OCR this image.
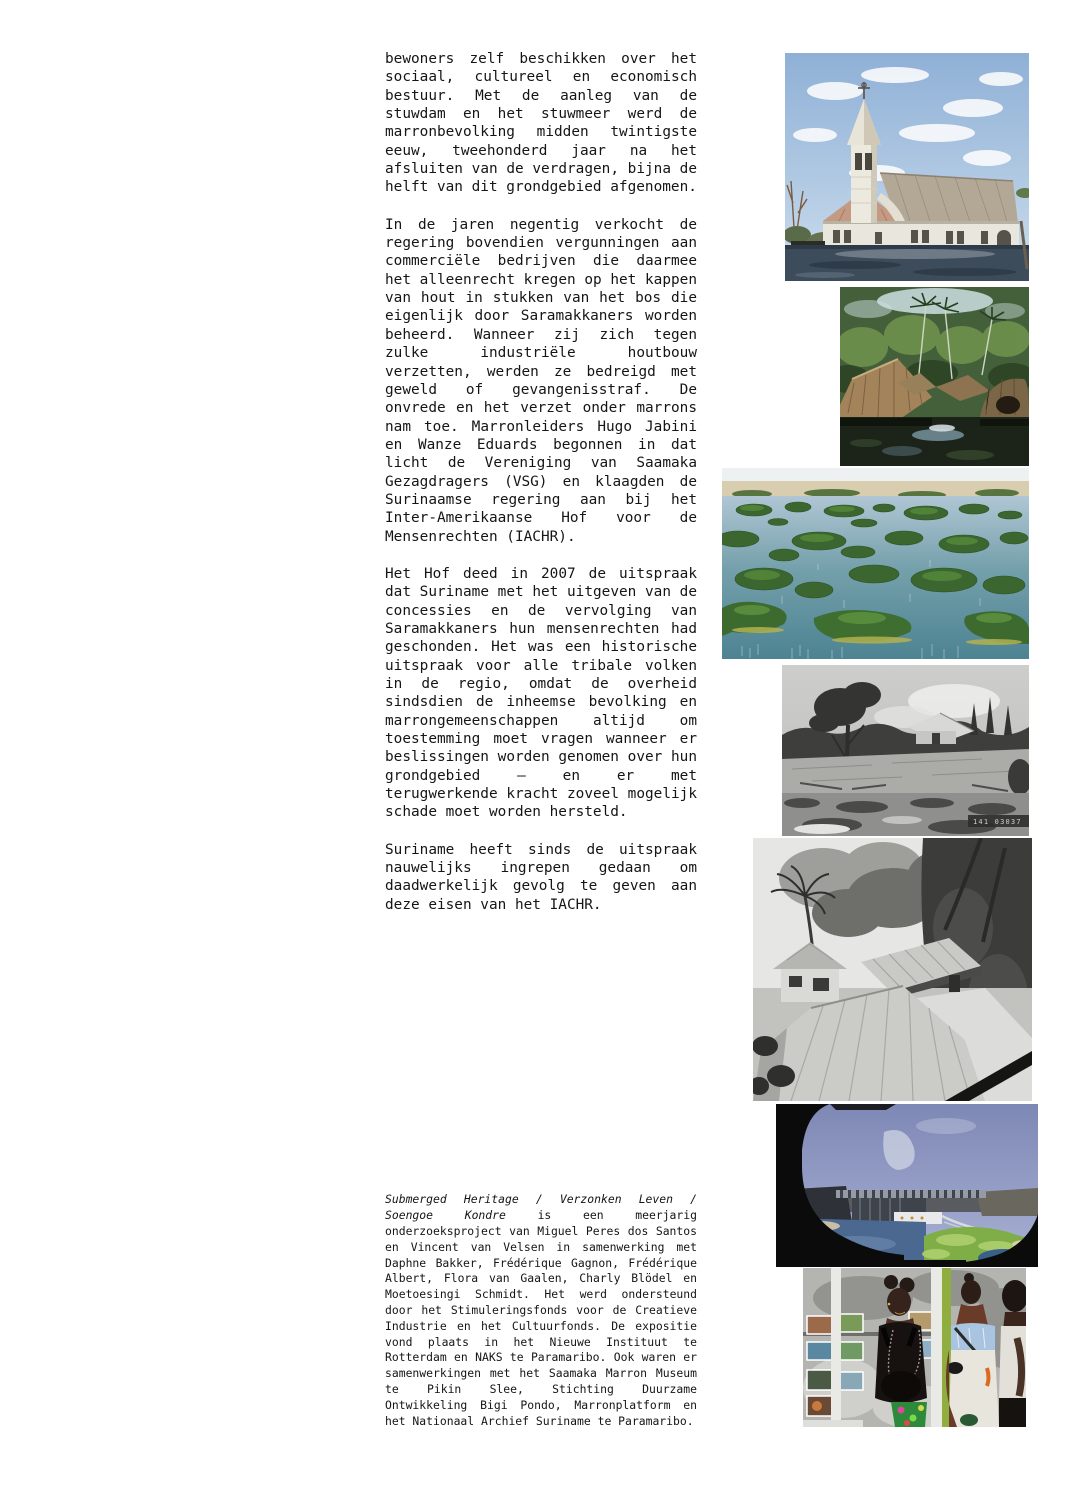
bewoners zelf beschikken over het sociaal, cultureel en economisch bestuur. Met de aanleg van de stuwdam en het stuwmeer werd de marronbevolking midden twintigste eeuw, tweehonderd jaar na het afsluiten van de verdragen, bijna de helft van dit grondgebied afgenomen.

In de jaren negentig verkocht de regering bovendien vergunningen aan commerciële bedrijven die daarmee het alleenrecht kregen op het kappen van hout in stukken van het bos die eigenlijk door Saramakkaners worden beheerd. Wanneer zij zich tegen zulke industriële houtbouw verzetten, werden ze bedreigd met geweld of gevangenisstraf. De onvrede en het verzet onder marrons nam toe. Marronleiders Hugo Jabini en Wanze Eduards begonnen in dat licht de Vereniging van Saamaka Gezagdragers (VSG) en klaagden de Surinaamse regering aan bij het Inter-Amerikaanse Hof voor de Mensenrechten (IACHR).

Het Hof deed in 2007 de uitspraak dat Suriname met het uitgeven van de concessies en de vervolging van Saramakkaners hun mensenrechten had geschonden. Het was een historische uitspraak voor alle tribale volken in de regio, omdat de overheid sindsdien de inheemse bevolking en marrongemeenschappen altijd om toestemming moet vragen wanneer er beslissingen worden genomen over hun grondgebied — en er met terugwerkende kracht zoveel mogelijk schade moet worden hersteld.

Suriname heeft sinds de uitspraak nauwelijks ingrepen gedaan om daadwerkelijk gevolg te geven aan deze eisen van het IACHR.

Submerged Heritage / Verzonken Leven / Soengoe Kondre is een meerjarig onderzoeksproject van Miguel Peres dos Santos en Vincent van Velsen in samenwerking met Daphne Bakker, Frédérique Gagnon, Frédérique Albert, Flora van Gaalen, Charly Blödel en Moetoesingi Schmidt. Het werd ondersteund door het Stimuleringsfonds voor de Creatieve Industrie en het Cultuurfonds. De expositie vond plaats in het Nieuwe Instituut te Rotterdam en NAKS te Paramaribo. Ook waren er samenwerkingen met het Saamaka Marron Museum te Pikin Slee, Stichting Duurzame Ontwikkeling Bigi Pondo, Marronplatform en het Nationaal Archief Suriname te Paramaribo.

141 03037
